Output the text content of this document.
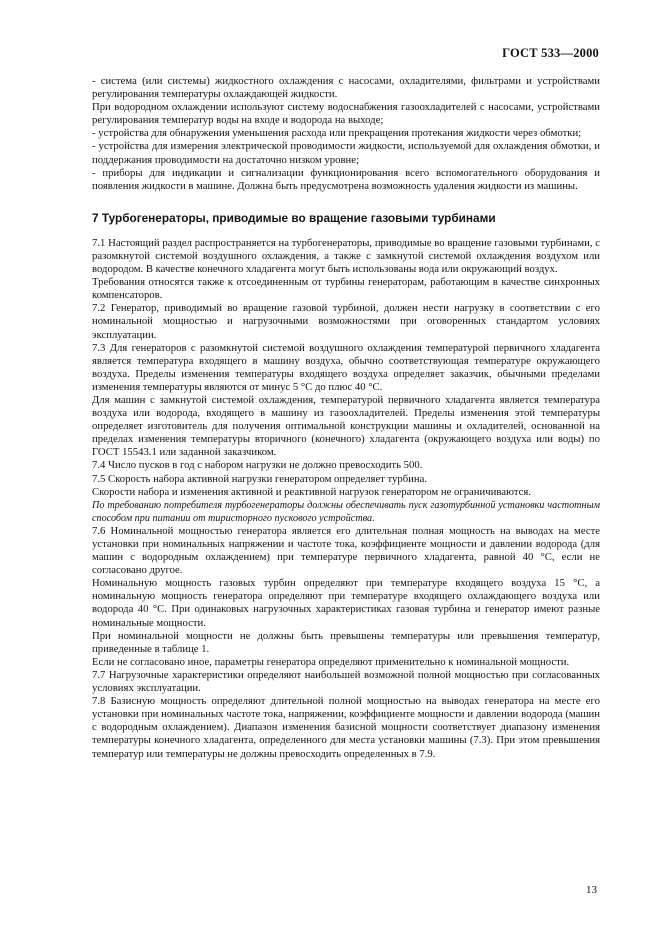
ГОСТ 533—2000

- система (или системы) жидкостного охлаждения с насосами, охладителями, фильтрами и устройствами регулирования температуры охлаждающей жидкости.

При водородном охлаждении используют систему водоснабжения газоохладителей с насосами, устройствами регулирования температур воды на входе и водорода на выходе;

- устройства для обнаружения уменьшения расхода или прекращения протекания жидкости через обмотки;

- устройства для измерения электрической проводимости жидкости, используемой для охлаждения обмотки, и поддержания проводимости на достаточно низком уровне;

- приборы для индикации и сигнализации функционирования всего вспомогательного оборудования и появления жидкости в машине. Должна быть предусмотрена возможность удаления жидкости из машины.

7 Турбогенераторы, приводимые во вращение газовыми турбинами

7.1 Настоящий раздел распространяется на турбогенераторы, приводимые во вращение газовыми турбинами, с разомкнутой системой воздушного охлаждения, а также с замкнутой системой охлаждения воздухом или водородом. В качестве конечного хладагента могут быть использованы вода или окружающий воздух.

Требования относятся также к отсоединенным от турбины генераторам, работающим в качестве синхронных компенсаторов.

7.2 Генератор, приводимый во вращение газовой турбиной, должен нести нагрузку в соответствии с его номинальной мощностью и нагрузочными возможностями при оговоренных стандартом условиях эксплуатации.

7.3 Для генераторов с разомкнутой системой воздушного охлаждения температурой первичного хладагента является температура входящего в машину воздуха, обычно соответствующая температуре окружающего воздуха. Пределы изменения температуры входящего воздуха определяет заказчик, обычными пределами изменения температуры являются от минус 5 °С до плюс 40 °С.

Для машин с замкнутой системой охлаждения, температурой первичного хладагента является температура воздуха или водорода, входящего в машину из газоохладителей. Пределы изменения этой температуры определяет изготовитель для получения оптимальной конструкции машины и охладителей, основанной на пределах изменения температуры вторичного (конечного) хладагента (окружающего воздуха или воды) по ГОСТ 15543.1 или заданной заказчиком.

7.4 Число пусков в год с набором нагрузки не должно превосходить 500.

7.5 Скорость набора активной нагрузки генератором определяет турбина.

Скорости набора и изменения активной и реактивной нагрузок генератором не ограничиваются.

По требованию потребителя турбогенераторы должны обеспечивать пуск газотурбинной установки частотным способом при питании от тиристорного пускового устройства.

7.6 Номинальной мощностью генератора является его длительная полная мощность на выводах на месте установки при номинальных напряжении и частоте тока, коэффициенте мощности и давлении водорода (для машин с водородным охлаждением) при температуре первичного хладагента, равной 40 °С, если не согласовано другое.

Номинальную мощность газовых турбин определяют при температуре входящего воздуха 15 °С, а номинальную мощность генератора определяют при температуре входящего охлаждающего воздуха или водорода 40 °С. При одинаковых нагрузочных характеристиках газовая турбина и генератор имеют разные номинальные мощности.

При номинальной мощности не должны быть превышены температуры или превышения температур, приведенные в таблице 1.

Если не согласовано иное, параметры генератора определяют применительно к номинальной мощности.

7.7 Нагрузочные характеристики определяют наибольшей возможной полной мощностью при согласованных условиях эксплуатации.

7.8 Базисную мощность определяют длительной полной мощностью на выводах генератора на месте его установки при номинальных частоте тока, напряжении, коэффициенте мощности и давлении водорода (машин с водородным охлаждением). Диапазон изменения базисной мощности соответствует диапазону изменения температуры конечного хладагента, определенного для места установки машины (7.3). При этом превышения температур или температуры не должны превосходить определенных в 7.9.

13
